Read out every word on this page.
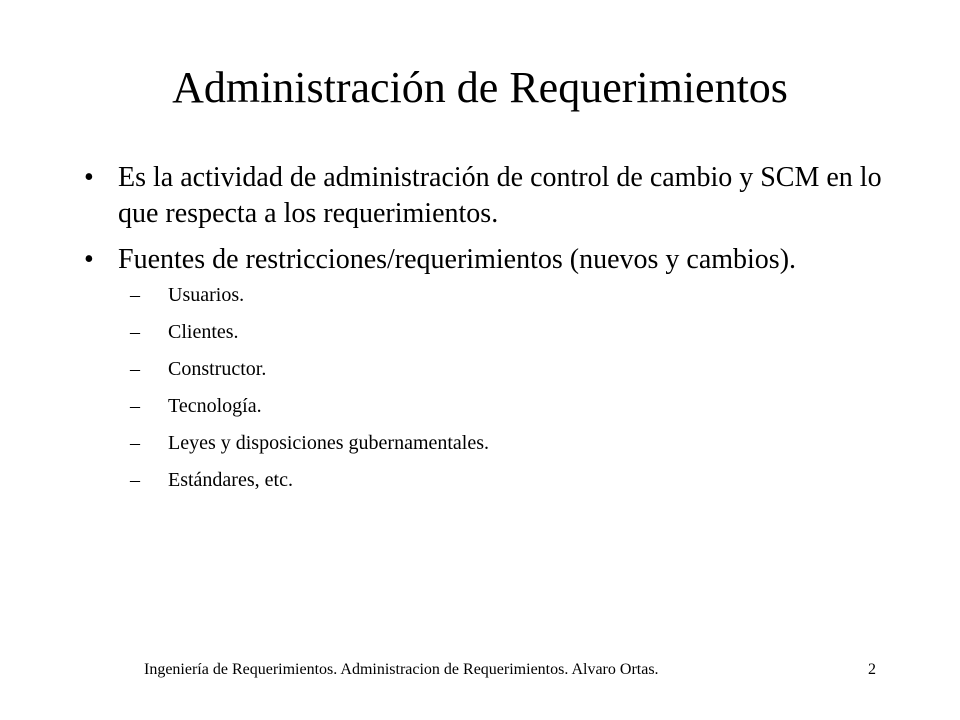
Administración de Requerimientos
• Es la actividad de administración de control de cambio y SCM en lo que respecta a los requerimientos.
• Fuentes de restricciones/requerimientos (nuevos y cambios).
– Usuarios.
– Clientes.
– Constructor.
– Tecnología.
– Leyes y disposiciones gubernamentales.
– Estándares, etc.
Ingeniería de Requerimientos. Administracion de Requerimientos. Alvaro Ortas.	2
